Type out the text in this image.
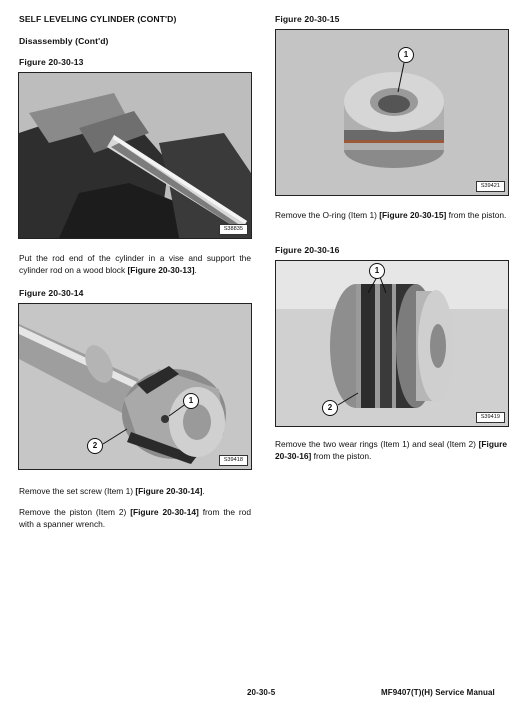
SELF LEVELING CYLINDER (CONT'D)
Disassembly (Cont'd)
Figure 20-30-13
S38835
Put the rod end of the cylinder in a vise and support the cylinder rod on a wood block [Figure 20-30-13].
Figure 20-30-14
1
2
S39418
Remove the set screw (Item 1) [Figure 20-30-14].
Remove the piston (Item 2) [Figure 20-30-14] from the rod with a spanner wrench.
Figure 20-30-15
1
S39421
Remove the O-ring (Item 1) [Figure 20-30-15] from the piston.
Figure 20-30-16
1
2
S39419
Remove the two wear rings (Item 1) and seal (Item 2) [Figure 20-30-16] from the piston.
20-30-5	MF9407(T)(H) Service Manual
